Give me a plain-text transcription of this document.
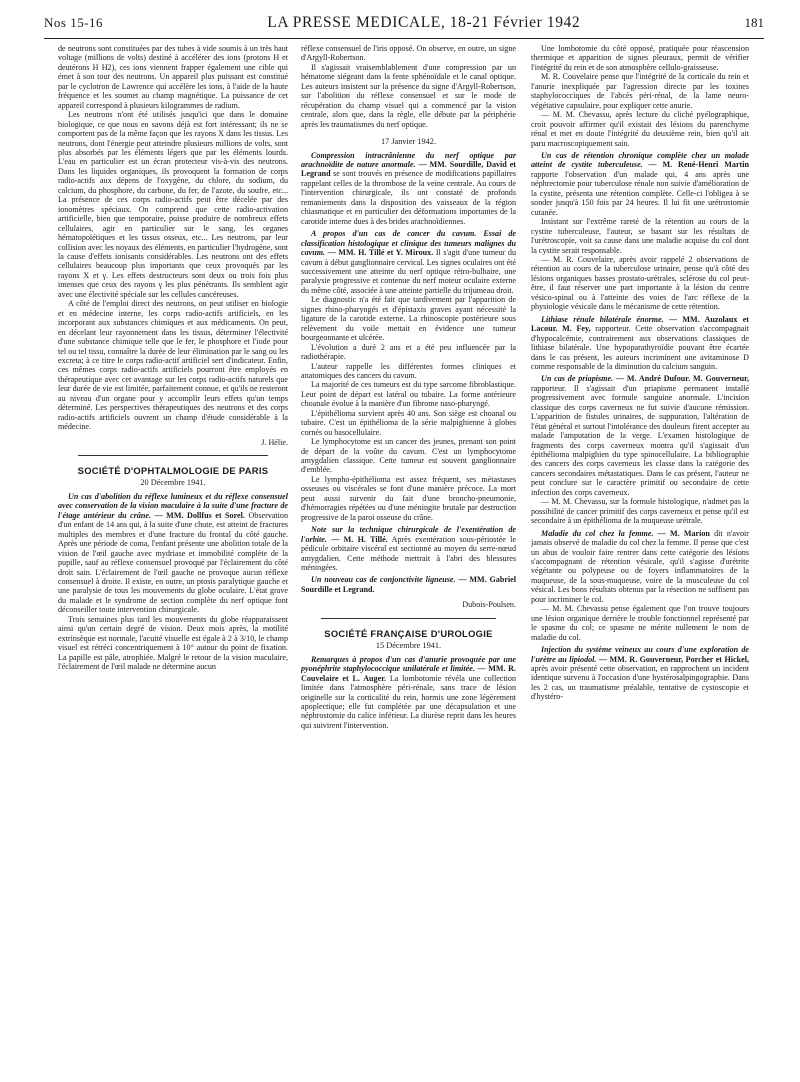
Nos 15-16	LA PRESSE MEDICALE, 18-21 Février 1942	181

de neutrons sont constituées par des tubes à vide soumis à un très haut voltage (millions de volts) destiné à accélérer des ions (protons H et deutérons H H2), ces ions viennent frapper également une cible qui émet à son tour des neutrons. Un appareil plus puissant est constitué par le cyclotron de Lawrence qui accélère les ions, à l'aide de la haute fréquence et les soumet au champ magnétique. La puissance de cet appareil correspond à plusieurs kilogrammes de radium.

Les neutrons n'ont été utilisés jusqu'ici que dans le domaine biologique, ce que nous en savons déjà est fort intéressant; ils ne se comportent pas de la même façon que les rayons X dans les tissus. Les neutrons, dont l'énergie peut atteindre plusieurs millions de volts, sont plus absorbés par les éléments légers que par les éléments lourds. L'eau en particulier est un écran protecteur vis-à-vis des neutrons. Dans les liquides organiques, ils provoquent la formation de corps radio-actifs aux dépens de l'oxygène, du chlore, du sodium, du calcium, du phosphore, du carbone, du fer, de l'azote, du soufre, etc... La présence de ces corps radio-actifs peut être décelée par des ionomètres spéciaux. On comprend que cette radio-activation artificielle, bien que temporaire, puisse produire de nombreux effets cellulaires, agir en particulier sur le sang, les organes hématopoïétiques et les tissus osseux, etc... Les neutrons, par leur collision avec les noyaux des éléments, en particulier l'hydrogène, sont la cause d'effets ionisants considérables. Les neutrons ont des effets cellulaires beaucoup plus importants que ceux provoqués par les rayons X et γ. Les effets destructeurs sont deux ou trois fois plus intenses que ceux des rayons γ les plus pénétrants. Ils semblent agir avec une électivité spéciale sur les cellules cancéreuses.

A côté de l'emploi direct des neutrons, on peut utiliser en biologie et en médecine interne, les corps radio-actifs artificiels, en les incorporant aux substances chimiques et aux médicaments. On peut, en décelant leur rayonnement dans les tissus, déterminer l'électivité d'une substance chimique telle que le fer, le phosphore et l'iode pour tel ou tel tissu, connaître la durée de leur élimination par le sang ou les excreta; à ce titre le corps radio-actif artificiel sert d'indicateur. Enfin, ces mêmes corps radio-actifs artificiels pourront être employés en thérapeutique avec cet avantage sur les corps radio-actifs naturels que leur durée de vie est limitée, parfaitement connue, et qu'ils ne resteront au niveau d'un organe pour y accomplir leurs effets qu'un temps déterminé. Les perspectives thérapeutiques des neutrons et des corps radio-actifs artificiels ouvrent un champ d'étude considérable à la médecine.

J. Hélie.

SOCIÉTÉ D'OPHTALMOLOGIE DE PARIS
20 Décembre 1941.

Un cas d'abolition du réflexe lumineux et du réflexe consensuel avec conservation de la vision maculaire à la suite d'une fracture de l'étage antérieur du crâne. — MM. Dollfus et Sorel. Observation d'un enfant de 14 ans qui, à la suite d'une chute, est atteint de fractures multiples des membres et d'une fracture du frontal du côté gauche. Après une période de coma, l'enfant présente une abolition totale de la vision de l'œil gauche avec mydriase et immobilité complète de la pupille, sauf au réflexe consensuel provoqué par l'éclairement du côté droit sain. L'éclairement de l'œil gauche ne provoque aucun réflexe consensuel à droite. Il existe, en outre, un ptosis paralytique gauche et une paralysie de tous les mouvements du globe oculaire. L'état grave du malade et le syndrome de section complète du nerf optique font déconseiller toute intervention chirurgicale.

Trois semaines plus tard les mouvements du globe réapparaissent ainsi qu'un certain degré de vision. Deux mois après, la motilité extrinsèque est normale, l'acuité visuelle est égale à 2 à 3/10, le champ visuel est rétréci concentriquement à 10° autour du point de fixation. La papille est pâle, atrophiée. Malgré le retour de la vision maculaire, l'éclairement de l'œil malade ne détermine aucun

réflexe consensuel de l'iris opposé. On observe, en outre, un signe d'Argyll-Robertson.

Il s'agissait vraisemblablement d'une compression par un hématome siégeant dans la fente sphénoïdale et le canal optique. Les auteurs insistent sur la présence du signe d'Argyll-Robertson, sur l'abolition du réflexe consensuel et sur le mode de récupération du champ visuel qui a commencé par la vision centrale, alors que, dans la règle, elle débute par la périphérie après les traumatismes du nerf optique.

17 Janvier 1942.

Compression intracrânienne du nerf optique par arachnoïdite de nature anormale. — MM. Sourdille, David et Legrand se sont trouvés en présence de modifications papillaires rappelant celles de la thrombose de la veine centrale. Au cours de l'intervention chirurgicale, ils ont constaté de profonds remaniements dans la disposition des vaisseaux de la région chiasmatique et en particulier des déformations importantes de la carotide interne dues à des brides arachnoïdiennes.

A propos d'un cas de cancer du cavum. Essai de classification histologique et clinique des tumeurs malignes du cavum. — MM. H. Tillé et Y. Miroux. Il s'agit d'une tumeur du cavum à début ganglionnaire cervical. Les signes oculaires ont été successivement une atteinte du nerf optique rétro-bulbaire, une paralysie progressive et contenue du nerf moteur oculaire externe du même côté, associée à une atteinte partielle du trijumeau droit.

Le diagnostic n'a été fait que tardivement par l'apparition de signes rhino-pharyngés et d'épistaxis graves ayant nécessité la ligature de la carotide externe. La rhinoscopie postérieure sous relèvement du voile mettait en évidence une tumeur bourgeonnante et ulcérée.

L'évolution a duré 2 ans et a été peu influencée par la radiothérapie.

L'auteur rappelle les différentes formes cliniques et anatomiques des cancers du cavum.

La majorité de ces tumeurs est du type sarcome fibroblastique. Leur point de départ est latéral ou tubaire. La forme antérieure choanale évolue à la manière d'un fibrome naso-pharyngé.

L'épithélioma survient après 40 ans. Son siège est choanal ou tubaire. C'est un épithélioma de la série malpighienne à globes cornés ou basocellulaire.

Le lymphocytome est un cancer des jeunes, prenant son point de départ de la voûte du cavum. C'est un lymphocytome amygdalien classique. Cette tumeur est souvent ganglionnaire d'emblée.

Le lympho-épithélioma est assez fréquent, ses métastases osseuses ou viscérales se font d'une manière précoce. La mort peut aussi survenir du fait d'une broncho-pneumonie, d'hémorragies répétées ou d'une méningite brutale par destruction progressive de la paroi osseuse du crâne.

Note sur la technique chirurgicale de l'exentération de l'orbite. — M. H. Tillé. Après exentération sous-périostée le pédicule orbitaire viscéral est sectionné au moyen du serre-nœud amygdalien. Cette méthode mettrait à l'abri des blessures méningées.

Un nouveau cas de conjonctivite ligneuse. — MM. Gabriel Sourdille et Legrand.

Dubois-Poulsen.

SOCIÉTÉ FRANÇAISE D'UROLOGIE
15 Décembre 1941.

Remarques à propos d'un cas d'anurie provoquée par une pyonéphrite staphylococcique unilatérale et limitée. — MM. R. Couvelaire et L. Auger. La lombotomie révéla une collection limitée dans l'atmosphère péri-rénale, sans trace de lésion originelle sur la corticalité du rein, hormis une zone légèrement apoplectique; elle fut complétée par une décapsulation et une néphrostomie du calice inférieur. La diurèse reprit dans les heures qui suivirent l'intervention.

Une lombotomie du côté opposé, pratiquée pour réascension thermique et apparition de signes pleuraux, permit de vérifier l'intégrité du rein et de son atmosphère cellulo-graisseuse.

M. R. Couvelaire pense que l'intégrité de la corticale du rein et l'anurie inexpliquée par l'agression directe par les toxines staphylococciques de l'abcès péri-rénal, de la lame neuro-végétative capsulaire, pour expliquer cette anurie.

— M. M. Chevassu, après lecture du cliché pyélographique, croit pouvoir affirmer qu'il existait des lésions du parenchyme rénal et met en doute l'intégrité du deuxième rein, bien qu'il ait paru macroscopiquement sain.

Un cas de rétention chronique complète chez un malade atteint de cystite tuberculeuse. — M. René-Henri Martin rapporte l'observation d'un malade qui, 4 ans après une néphrectomie pour tuberculose rénale non suivie d'amélioration de la cystite, présenta une rétention complète. Celle-ci l'obligea à se sonder jusqu'à 150 fois par 24 heures. Il lui fit une urétrostomie cutanée.

Insistant sur l'extrême rareté de la rétention au cours de la cystite tuberculeuse, l'auteur, se basant sur les résultats de l'urétroscopie, voit sa cause dans une maladie acquise du col dont la cystite serait responsable.

— M. R. Couvelaire, après avoir rappelé 2 observations de rétention au cours de la tuberculose urinaire, pense qu'à côté des lésions organiques basses prostato-urétrales, sclérose du col peut-être, il faut réserver une part importante à la lésion du centre vésico-spinal ou à l'atteinte des voies de l'arc réflexe de la physiologie vésicale dans le mécanisme de cette rétention.

Lithiase rénale bilatérale énorme. — MM. Auzolaux et Lacour. M. Fey, rapporteur. Cette observation s'accompagnait d'hypocalcémie, contrairement aux observations classiques de lithiase bilatérale. Une hypoparathyroïdie pouvant être écartée dans le cas présent, les auteurs incriminent une avitaminose D comme responsable de la diminution du calcium sanguin.

Un cas de priapisme. — M. André Dufour. M. Gouverneur, rapporteur. Il s'agissait d'un priapisme permanent installé progressivement avec formule sanguine anormale. L'incision classique des corps caverneux ne fut suivie d'aucune rémission. L'apparition de fistules urinaires, de suppuration, l'altération de l'état général et surtout l'intolérance des douleurs firent accepter au malade l'amputation de la verge. L'examen histologique de fragments des corps caverneux montra qu'il s'agissait d'un épithélioma malpighien du type spinocellulaire. La bibliographie des cancers des corps caverneux les classe dans la catégorie des cancers secondaires métastatiques. Dans le cas présent, l'auteur ne peut conclure sur le caractère primitif ou secondaire de cette infection des corps caverneux.

— M. M. Chevassu, sur la formule histologique, n'admet pas la possibilité de cancer primitif des corps caverneux et pense qu'il est secondaire à un épithélioma de la muqueuse urétrale.

Maladie du col chez la femme. — M. Marion dit n'avoir jamais observé de maladie du col chez la femme. Il pense que c'est un abus de vouloir faire rentrer dans cette catégorie des lésions s'accompagnant de rétention vésicale, qu'il s'agisse d'urétrite végétante ou polypeuse ou de foyers inflammatoires de la muqueuse, de la sous-muqueuse, voire de la musculeuse du col vésical. Les bons résultats obtenus par la résection ne suffisent pas pour incriminer le col.

— M. M. Chevassu pense également que l'on trouve toujours une lésion organique derrière le trouble fonctionnel représenté par le spasme du col; ce spasme ne mérite nullement le nom de maladie du col.

Injection du système veineux au cours d'une exploration de l'urètre au lipiodol. — MM. R. Gouverneur, Porcher et Hickel, après avoir présenté cette observation, en rapprochent un incident identique survenu à l'occasion d'une hystérosalpingographie. Dans les 2 cas, un traumatisme préalable, tentative de cystoscopie et d'hystéro-
